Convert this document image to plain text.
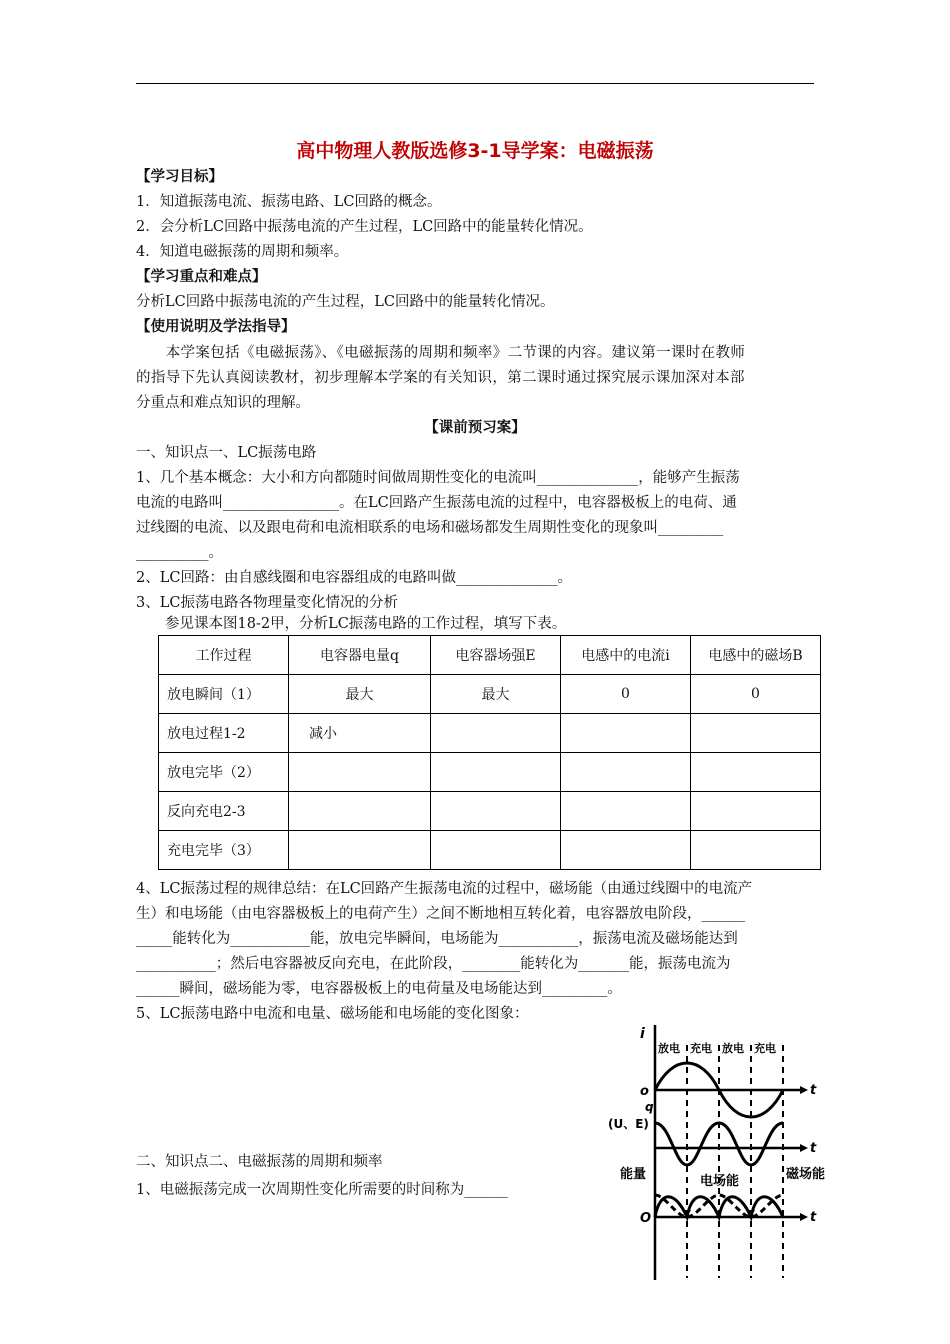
高中物理人教版选修3-1导学案：电磁振荡
【学习目标】
1．知道振荡电流、振荡电路、LC回路的概念。
2．会分析LC回路中振荡电流的产生过程，LC回路中的能量转化情况。
4．知道电磁振荡的周期和频率。
【学习重点和难点】
分析LC回路中振荡电流的产生过程，LC回路中的能量转化情况。
【使用说明及学法指导】
　　本学案包括《电磁振荡》、《电磁振荡的周期和频率》二节课的内容。建议第一课时在教师
的指导下先认真阅读教材，初步理解本学案的有关知识，第二课时通过探究展示课加深对本部
分重点和难点知识的理解。
【课前预习案】
一、知识点一、LC振荡电路
1、几个基本概念：大小和方向都随时间做周期性变化的电流叫______________，能够产生振荡
电流的电路叫________________。在LC回路产生振荡电流的过程中，电容器极板上的电荷、通
过线圈的电流、以及跟电荷和电流相联系的电场和磁场都发生周期性变化的现象叫_________
__________。
2、LC回路：由自感线圈和电容器组成的电路叫做______________。
3、LC振荡电路各物理量变化情况的分析
　　参见课本图18-2甲，分析LC振荡电路的工作过程，填写下表。
工作过程	电容器电量q	电容器场强E	电感中的电流i	电感中的磁场B
放电瞬间（1）	最大	最大	0	0
放电过程1-2	减小			
放电完毕（2）				
反向充电2-3				
充电完毕（3）				
4、LC振荡过程的规律总结：在LC回路产生振荡电流的过程中，磁场能（由通过线圈中的电流产
生）和电场能（由电容器极板上的电荷产生）之间不断地相互转化着，电容器放电阶段，______
_____能转化为___________能，放电完毕瞬间，电场能为___________，振荡电流及磁场能达到
___________；然后电容器被反向充电，在此阶段，________能转化为_______能，振荡电流为
______瞬间，磁场能为零，电容器极板上的电荷量及电场能达到_________。
5、LC振荡电路中电流和电量、磁场能和电场能的变化图象：
二、知识点二、电磁振荡的周期和频率
1、电磁振荡完成一次周期性变化所需要的时间称为______
i
o
q
(U、E)
能量
O
放电 充电 放电 充电
电场能	磁场能
t
t
t
